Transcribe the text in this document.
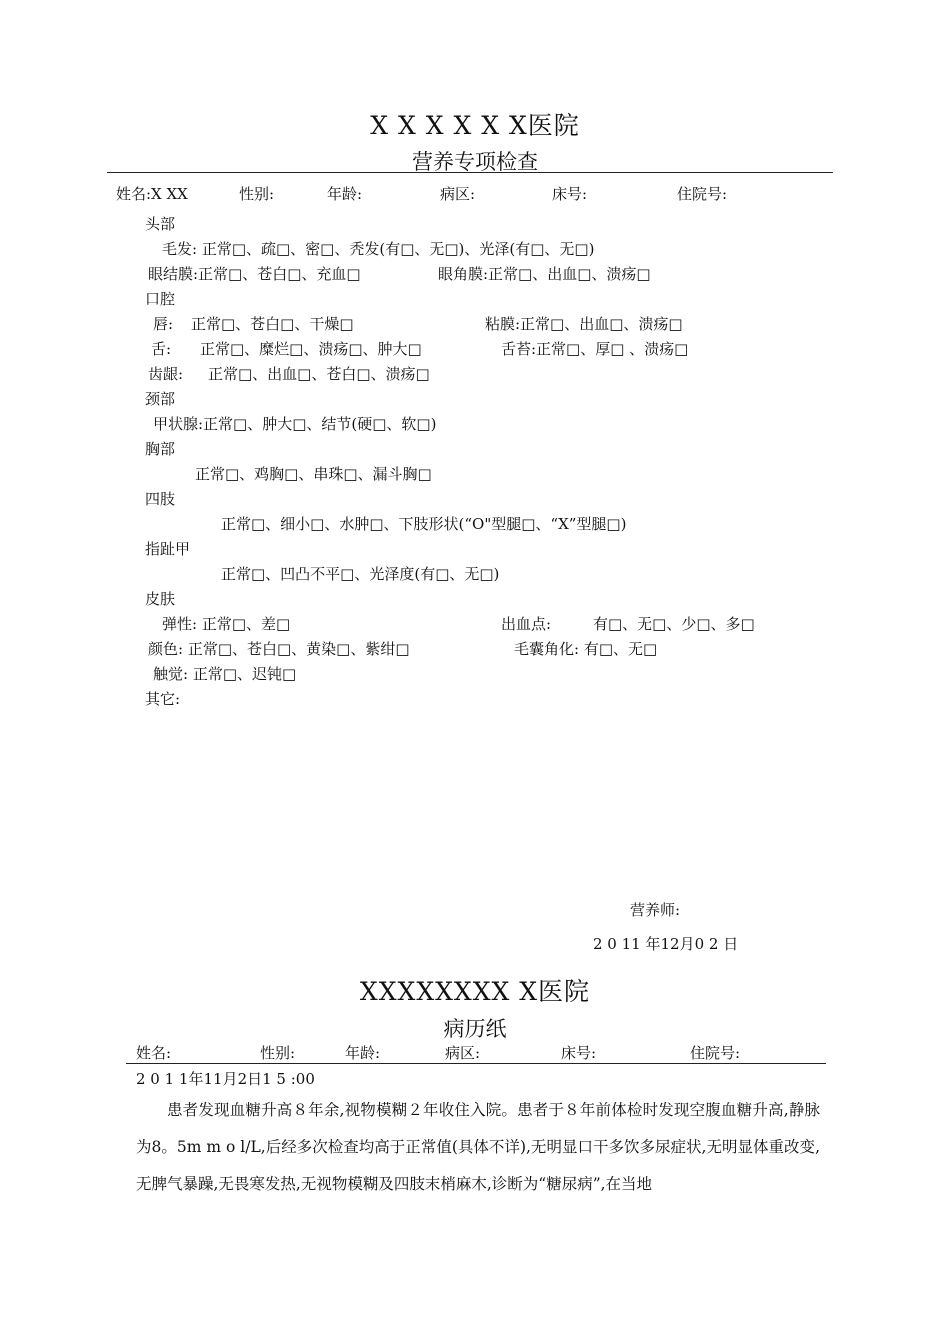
X X X X X X医院
营养专项检查
姓名:X XX	性别:	年龄:	病区:	床号:	住院号:
头部
毛发: 正常□、疏□、密□、秃发(有□、无□)、光泽(有□、无□)
眼结膜:正常□、苍白□、充血□	眼角膜:正常□、出血□、溃疡□
口腔
唇: 正常□、苍白□、干燥□	粘膜:正常□、出血□、溃疡□
舌: 正常□、糜烂□、溃疡□、肿大□	舌苔:正常□、厚□ 、溃疡□
齿龈: 正常□、出血□、苍白□、溃疡□
颈部
甲状腺:正常□、肿大□、结节(硬□、软□)
胸部
正常□、鸡胸□、串珠□、漏斗胸□
四肢
正常□、细小□、水肿□、下肢形状(“O"型腿□、“X”型腿□)
指趾甲
正常□、凹凸不平□、光泽度(有□、无□)
皮肤
弹性: 正常□、差□	出血点:	有□、无□、少□、多□
颜色: 正常□、苍白□、黄染□、紫绀□	毛囊角化: 有□、无□
触觉: 正常□、迟钝□
其它:
营养师:
2 0 11 年12月0 2 日
XXXXXXXX X医院
病历纸
姓名:	性别:	年龄:	病区:	床号:	住院号:
2 0 1 1年11月2日1 5 :00
患者发现血糖升高８年余,视物模糊２年收住入院。患者于８年前体检时发现空腹血糖升高,静脉为8。5m m o l/L,后经多次检查均高于正常值(具体不详),无明显口干多饮多尿症状,无明显体重改变,无脾气暴躁,无畏寒发热,无视物模糊及四肢末梢麻木,诊断为“糖尿病”,在当地
